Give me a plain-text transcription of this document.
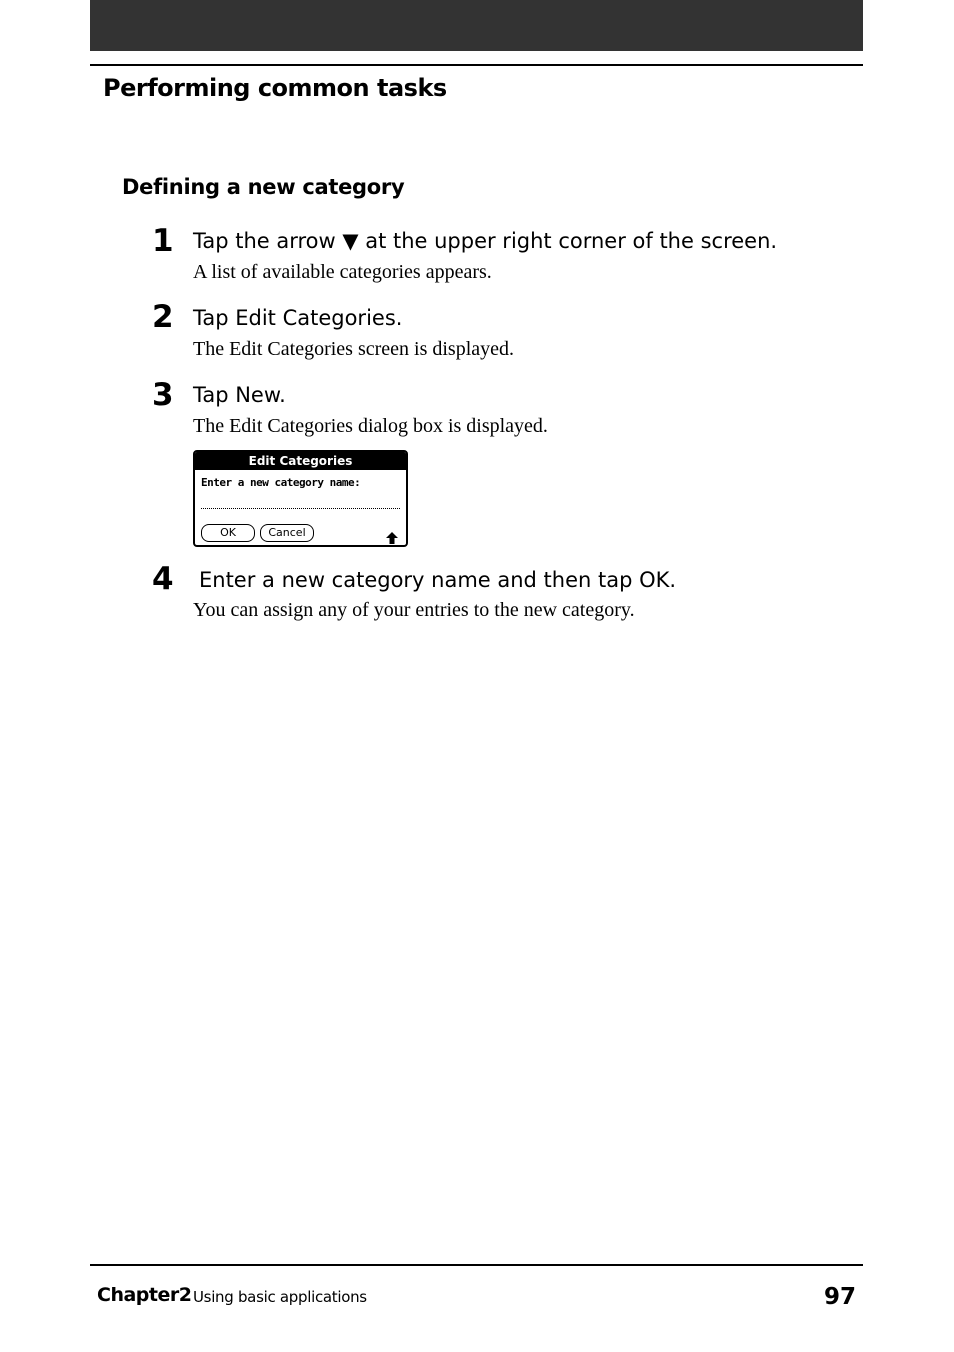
Performing common tasks
Defining a new category
1 Tap the arrow ▼ at the upper right corner of the screen.
A list of available categories appears.
2 Tap Edit Categories.
The Edit Categories screen is displayed.
3 Tap New.
The Edit Categories dialog box is displayed.
Edit Categories
Enter a new category name:
OK	Cancel
4 Enter a new category name and then tap OK.
You can assign any of your entries to the new category.
Chapter2 Using basic applications	97
